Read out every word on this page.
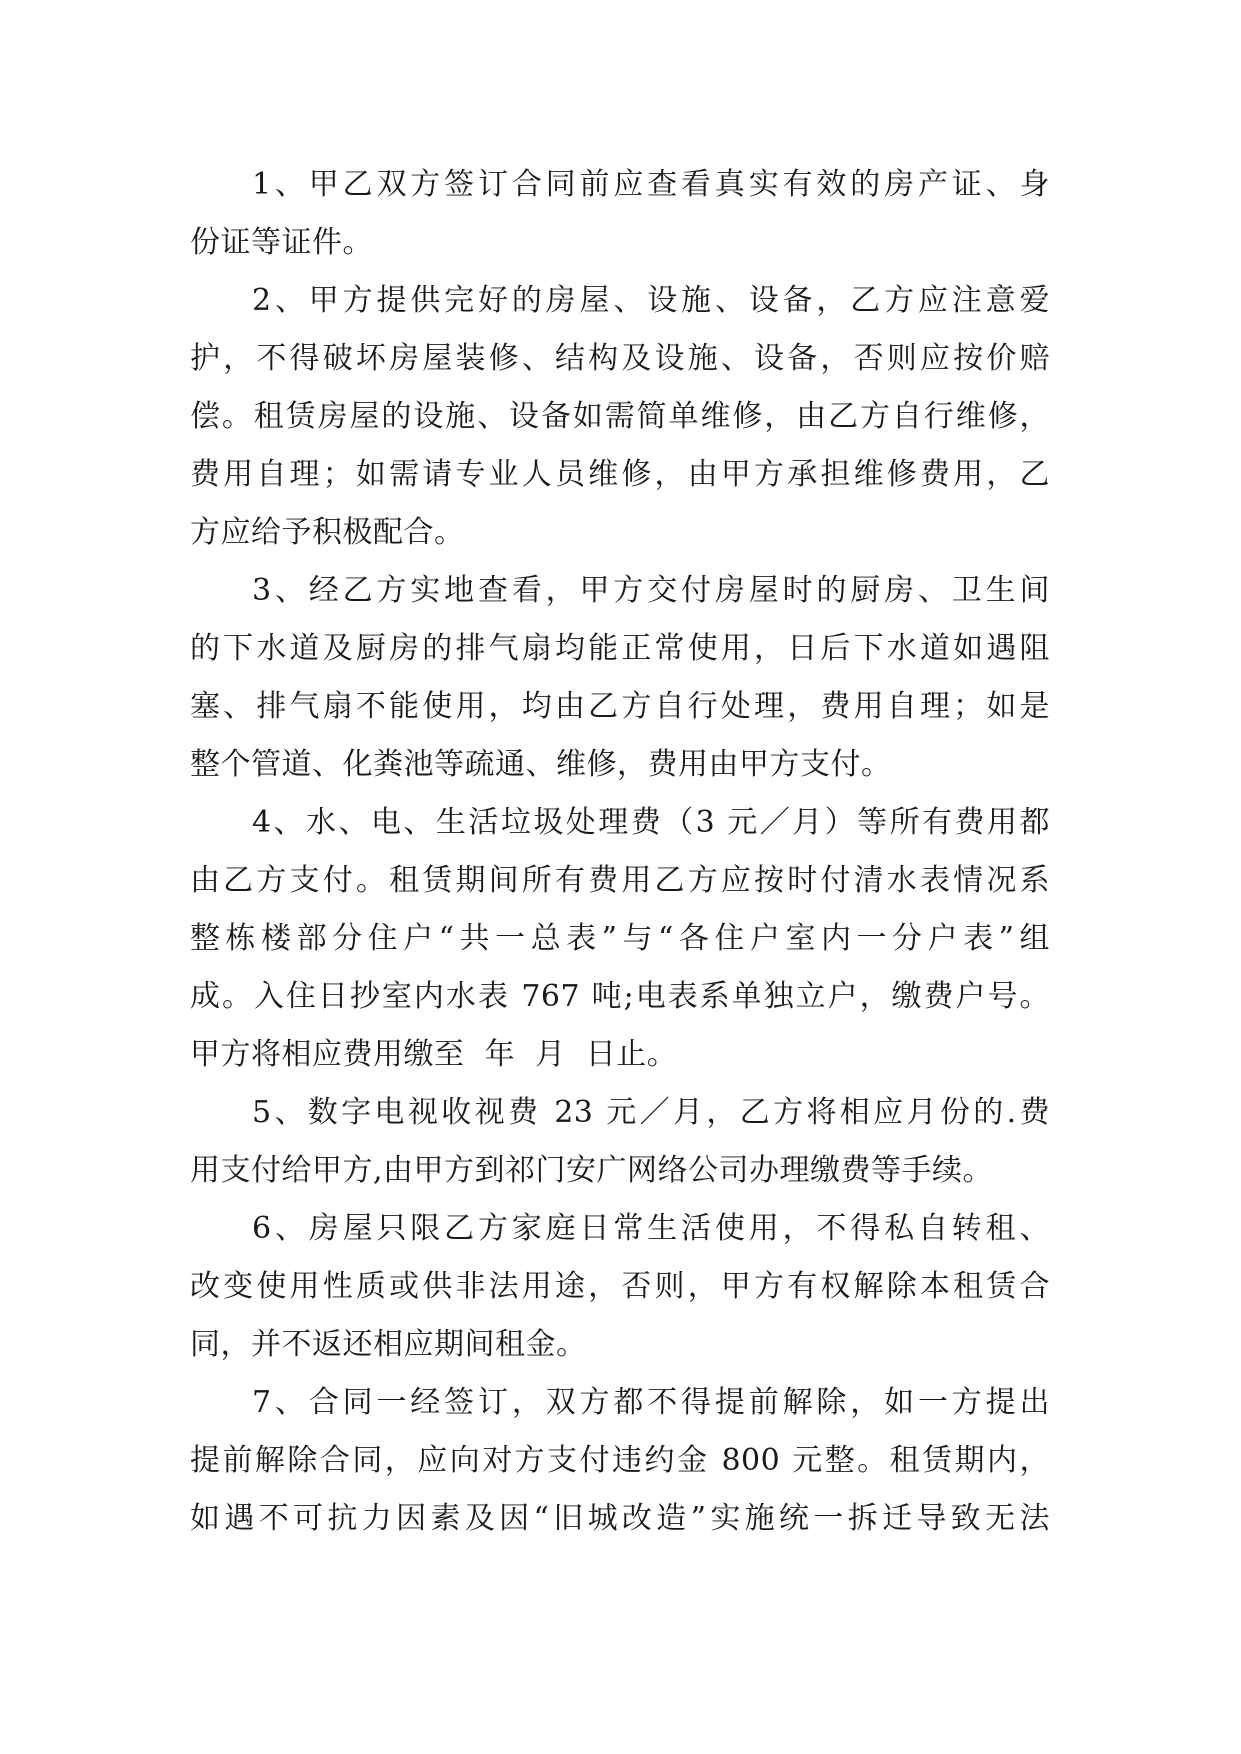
1、甲乙双方签订合同前应查看真实有效的房产证、身
份证等证件。

2、甲方提供完好的房屋、设施、设备，乙方应注意爱
护，不得破坏房屋装修、结构及设施、设备，否则应按价赔
偿。租赁房屋的设施、设备如需简单维修，由乙方自行维修，
费用自理；如需请专业人员维修，由甲方承担维修费用，乙
方应给予积极配合。

3、经乙方实地查看，甲方交付房屋时的厨房、卫生间
的下水道及厨房的排气扇均能正常使用，日后下水道如遇阻
塞、排气扇不能使用，均由乙方自行处理，费用自理；如是
整个管道、化粪池等疏通、维修，费用由甲方支付。

4、水、电、生活垃圾处理费（3 元／月）等所有费用都
由乙方支付。租赁期间所有费用乙方应按时付清水表情况系
整栋楼部分住户“共一总表”与“各住户室内一分户表”组
成。入住日抄室内水表 767 吨;电表系单独立户，缴费户号。
甲方将相应费用缴至  年  月  日止。

5、数字电视收视费 23 元／月，乙方将相应月份的.费
用支付给甲方,由甲方到祁门安广网络公司办理缴费等手续。

6、房屋只限乙方家庭日常生活使用，不得私自转租、
改变使用性质或供非法用途，否则，甲方有权解除本租赁合
同，并不返还相应期间租金。

7、合同一经签订，双方都不得提前解除，如一方提出
提前解除合同，应向对方支付违约金 800 元整。租赁期内，
如遇不可抗力因素及因“旧城改造”实施统一拆迁导致无法
